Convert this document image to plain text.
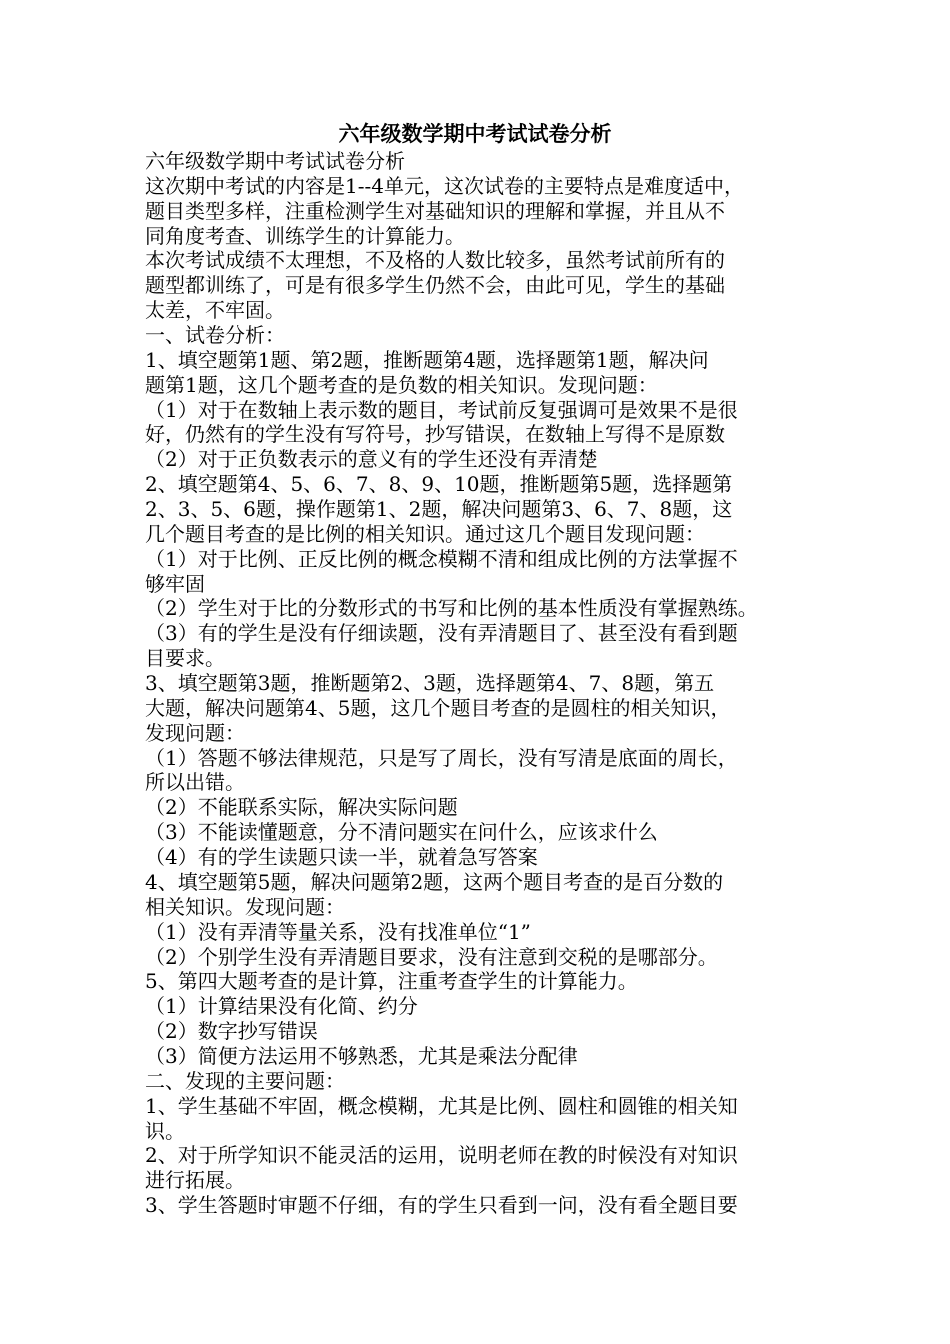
六年级数学期中考试试卷分析
六年级数学期中考试试卷分析
这次期中考试的内容是1--4单元，这次试卷的主要特点是难度适中，
题目类型多样，注重检测学生对基础知识的理解和掌握，并且从不
同角度考查、训练学生的计算能力。
本次考试成绩不太理想，不及格的人数比较多，虽然考试前所有的
题型都训练了，可是有很多学生仍然不会，由此可见，学生的基础
太差，不牢固。
一、试卷分析：
1、填空题第1题、第2题，推断题第4题，选择题第1题，解决问
题第1题，这几个题考查的是负数的相关知识。发现问题：
（1）对于在数轴上表示数的题目，考试前反复强调可是效果不是很
好，仍然有的学生没有写符号，抄写错误，在数轴上写得不是原数
（2）对于正负数表示的意义有的学生还没有弄清楚
2、填空题第4、5、6、7、8、9、10题，推断题第5题，选择题第
2、3、5、6题，操作题第1、2题，解决问题第3、6、7、8题，这
几个题目考查的是比例的相关知识。通过这几个题目发现问题：
（1）对于比例、正反比例的概念模糊不清和组成比例的方法掌握不
够牢固
（2）学生对于比的分数形式的书写和比例的基本性质没有掌握熟练。
（3）有的学生是没有仔细读题，没有弄清题目了、甚至没有看到题
目要求。
3、填空题第3题，推断题第2、3题，选择题第4、7、8题，第五
大题，解决问题第4、5题，这几个题目考查的是圆柱的相关知识，
发现问题：
（1）答题不够法律规范，只是写了周长，没有写清是底面的周长，
所以出错。
（2）不能联系实际，解决实际问题
（3）不能读懂题意，分不清问题实在问什么，应该求什么
（4）有的学生读题只读一半，就着急写答案
4、填空题第5题，解决问题第2题，这两个题目考查的是百分数的
相关知识。发现问题：
（1）没有弄清等量关系，没有找准单位“1”
（2）个别学生没有弄清题目要求，没有注意到交税的是哪部分。
5、第四大题考查的是计算，注重考查学生的计算能力。
（1）计算结果没有化简、约分
（2）数字抄写错误
（3）简便方法运用不够熟悉，尤其是乘法分配律
二、发现的主要问题：
1、学生基础不牢固，概念模糊，尤其是比例、圆柱和圆锥的相关知
识。
2、对于所学知识不能灵活的运用，说明老师在教的时候没有对知识
进行拓展。
3、学生答题时审题不仔细，有的学生只看到一问，没有看全题目要
